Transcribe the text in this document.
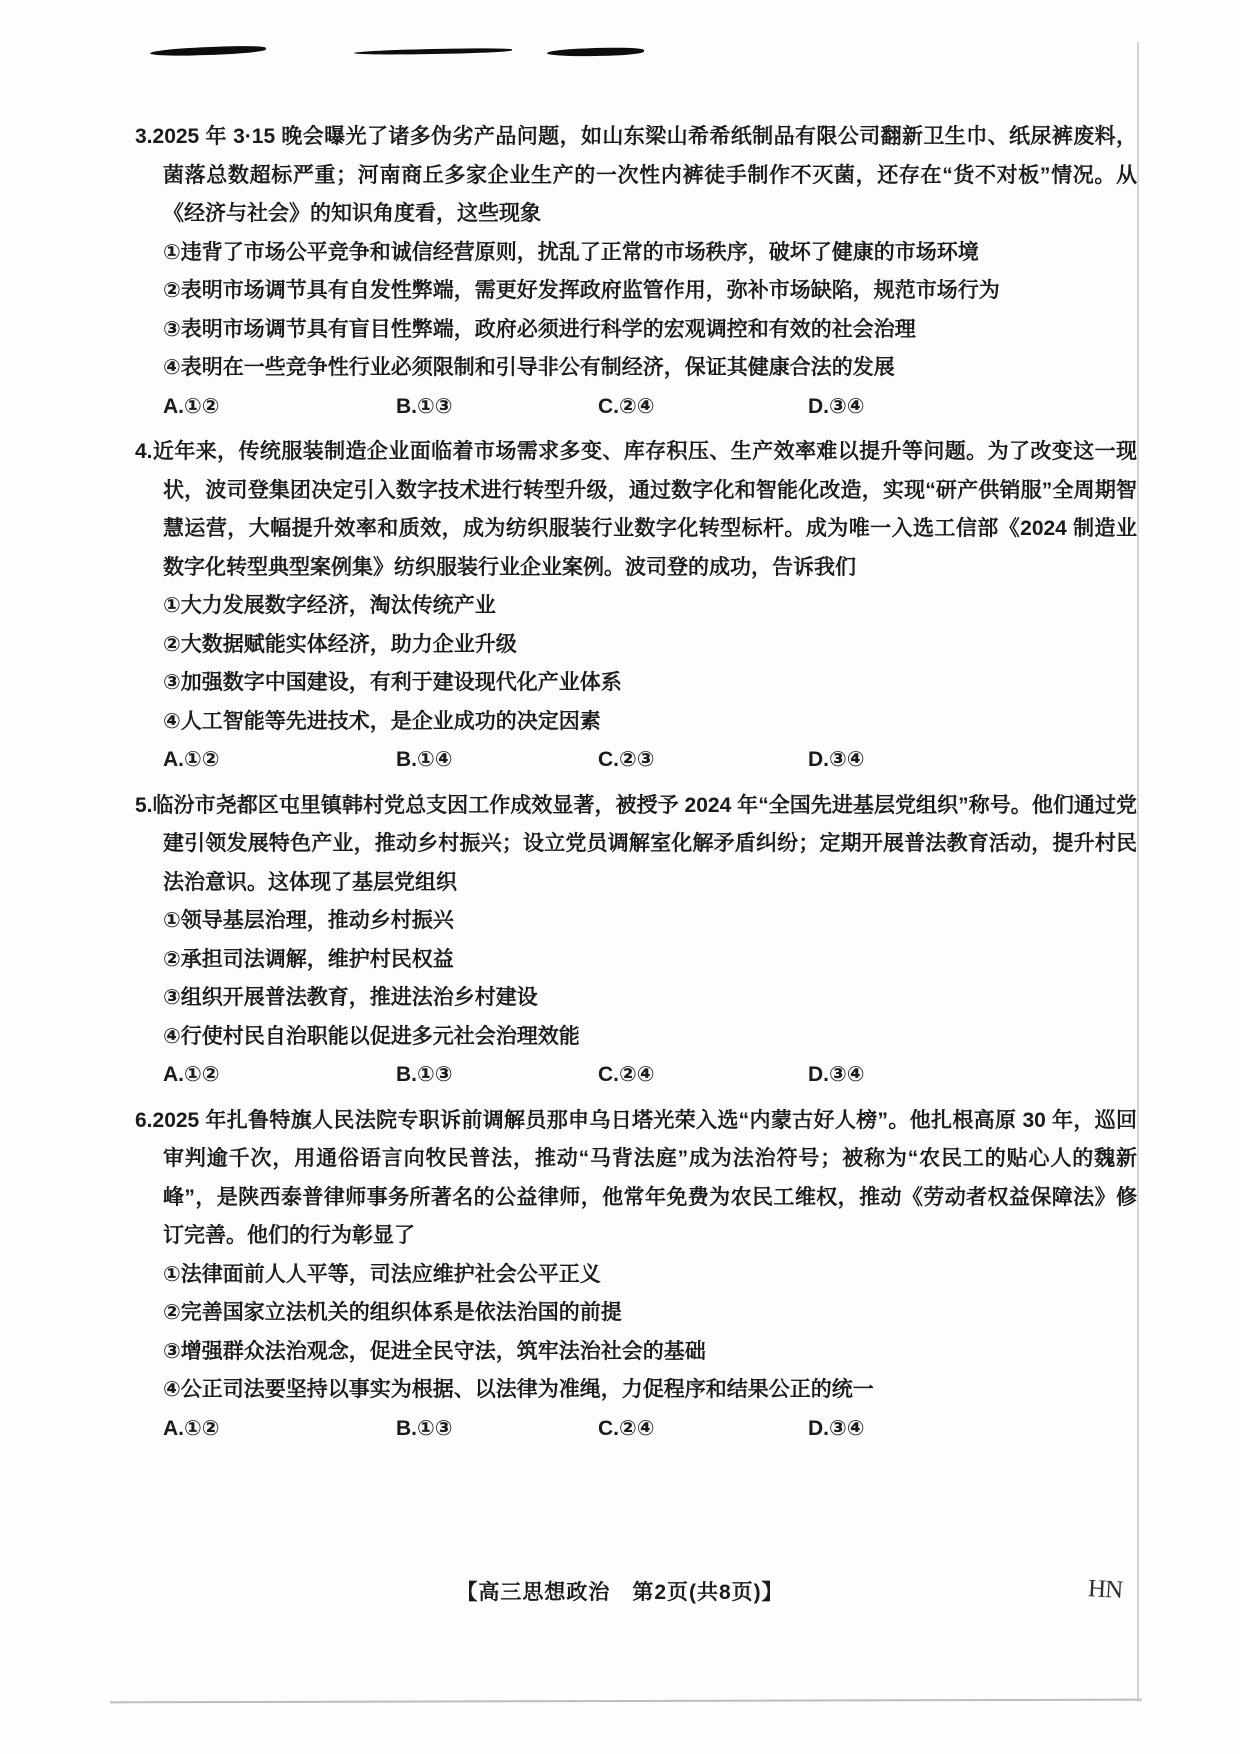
3.2025 年 3·15 晚会曝光了诸多伪劣产品问题，如山东梁山希希纸制品有限公司翻新卫生巾、纸尿裤废料，菌落总数超标严重；河南商丘多家企业生产的一次性内裤徒手制作不灭菌，还存在“货不对板”情况。从《经济与社会》的知识角度看，这些现象

①违背了市场公平竞争和诚信经营原则，扰乱了正常的市场秩序，破坏了健康的市场环境

②表明市场调节具有自发性弊端，需更好发挥政府监管作用，弥补市场缺陷，规范市场行为

③表明市场调节具有盲目性弊端，政府必须进行科学的宏观调控和有效的社会治理

④表明在一些竞争性行业必须限制和引导非公有制经济，保证其健康合法的发展

A.①②	B.①③	C.②④	D.③④

4.近年来，传统服装制造企业面临着市场需求多变、库存积压、生产效率难以提升等问题。为了改变这一现状，波司登集团决定引入数字技术进行转型升级，通过数字化和智能化改造，实现“研产供销服”全周期智慧运营，大幅提升效率和质效，成为纺织服装行业数字化转型标杆。成为唯一入选工信部《2024 制造业数字化转型典型案例集》纺织服装行业企业案例。波司登的成功，告诉我们

①大力发展数字经济，淘汰传统产业

②大数据赋能实体经济，助力企业升级

③加强数字中国建设，有利于建设现代化产业体系

④人工智能等先进技术，是企业成功的决定因素

A.①②	B.①④	C.②③	D.③④

5.临汾市尧都区屯里镇韩村党总支因工作成效显著，被授予 2024 年“全国先进基层党组织”称号。他们通过党建引领发展特色产业，推动乡村振兴；设立党员调解室化解矛盾纠纷；定期开展普法教育活动，提升村民法治意识。这体现了基层党组织

①领导基层治理，推动乡村振兴

②承担司法调解，维护村民权益

③组织开展普法教育，推进法治乡村建设

④行使村民自治职能以促进多元社会治理效能

A.①②	B.①③	C.②④	D.③④

6.2025 年扎鲁特旗人民法院专职诉前调解员那申乌日塔光荣入选“内蒙古好人榜”。他扎根高原 30 年，巡回审判逾千次，用通俗语言向牧民普法，推动“马背法庭”成为法治符号；被称为“农民工的贴心人的魏新峰”，是陕西泰普律师事务所著名的公益律师，他常年免费为农民工维权，推动《劳动者权益保障法》修订完善。他们的行为彰显了

①法律面前人人平等，司法应维护社会公平正义

②完善国家立法机关的组织体系是依法治国的前提

③增强群众法治观念，促进全民守法，筑牢法治社会的基础

④公正司法要坚持以事实为根据、以法律为准绳，力促程序和结果公正的统一

A.①②	B.①③	C.②④	D.③④
【高三思想政治　第2页(共8页)】	HN
